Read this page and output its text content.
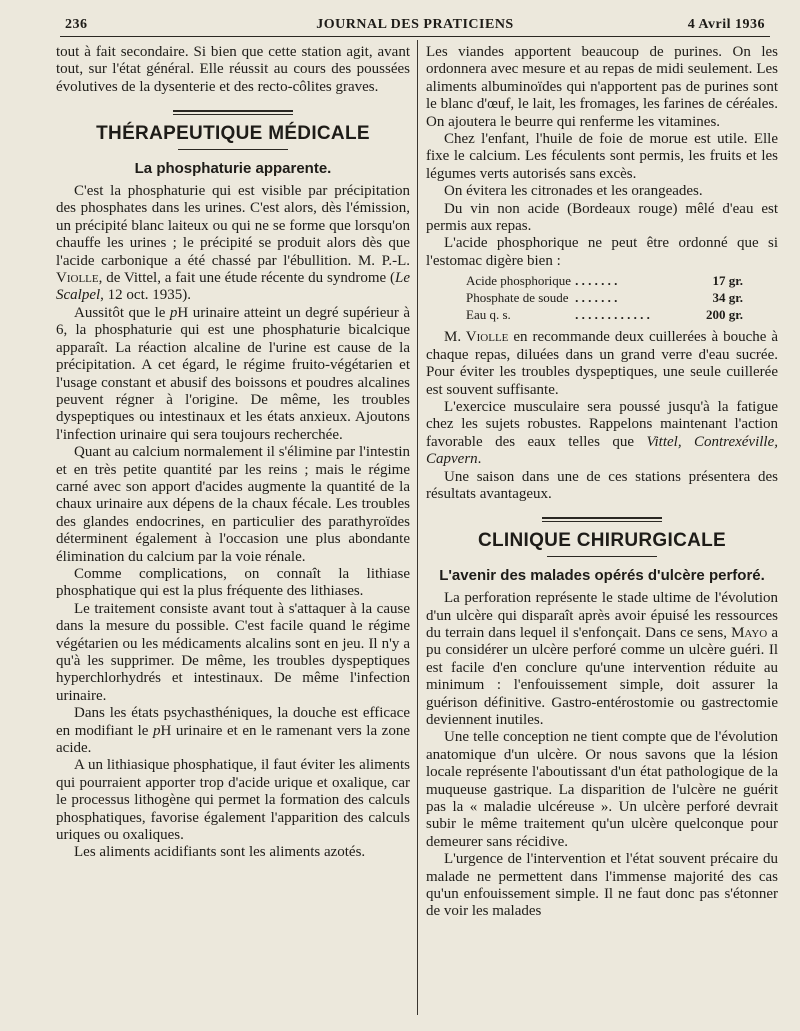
236	JOURNAL DES PRATICIENS	4 Avril 1936

tout à fait secondaire. Si bien que cette station agit, avant tout, sur l'état général. Elle réussit au cours des poussées évolutives de la dysenterie et des recto-côlites graves.

THÉRAPEUTIQUE MÉDICALE
La phosphaturie apparente.

C'est la phosphaturie qui est visible par précipitation des phosphates dans les urines. C'est alors, dès l'émission, un précipité blanc laiteux ou qui ne se forme que lorsqu'on chauffe les urines ; le précipité se produit alors dès que l'acide carbonique a été chassé par l'ébullition. M. P.-L. Violle, de Vittel, a fait une étude récente du syndrome (Le Scalpel, 12 oct. 1935).

Aussitôt que le pH urinaire atteint un degré supérieur à 6, la phosphaturie qui est une phosphaturie bicalcique apparaît. La réaction alcaline de l'urine est cause de la précipitation. A cet égard, le régime fruito-végétarien et l'usage constant et abusif des boissons et poudres alcalines peuvent régner à l'origine. De même, les troubles dyspeptiques ou intestinaux et les états anxieux. Ajoutons l'infection urinaire qui sera toujours recherchée.

Quant au calcium normalement il s'élimine par l'intestin et en très petite quantité par les reins ; mais le régime carné avec son apport d'acides augmente la quantité de la chaux urinaire aux dépens de la chaux fécale. Les troubles des glandes endocrines, en particulier des parathyroïdes déterminent également à l'occasion une plus abondante élimination du calcium par la voie rénale.

Comme complications, on connaît la lithiase phosphatique qui est la plus fréquente des lithiases.

Le traitement consiste avant tout à s'attaquer à la cause dans la mesure du possible. C'est facile quand le régime végétarien ou les médicaments alcalins sont en jeu. Il n'y a qu'à les supprimer. De même, les troubles dyspeptiques hyperchlorhydrés et intestinaux. De même l'infection urinaire.

Dans les états psychasthéniques, la douche est efficace en modifiant le pH urinaire et en le ramenant vers la zone acide.

A un lithiasique phosphatique, il faut éviter les aliments qui pourraient apporter trop d'acide urique et oxalique, car le processus lithogène qui permet la formation des calculs phosphatiques, favorise également l'apparition des calculs uriques ou oxaliques.

Les aliments acidifiants sont les aliments azotés.

Les viandes apportent beaucoup de purines. On les ordonnera avec mesure et au repas de midi seulement. Les aliments albuminoïdes qui n'apportent pas de purines sont le blanc d'œuf, le lait, les fromages, les farines de céréales. On ajoutera le beurre qui renferme les vitamines.

Chez l'enfant, l'huile de foie de morue est utile. Elle fixe le calcium. Les féculents sont permis, les fruits et les légumes verts autorisés sans excès.

On évitera les citronades et les orangeades.

Du vin non acide (Bordeaux rouge) mêlé d'eau est permis aux repas.

L'acide phosphorique ne peut être ordonné que si l'estomac digère bien :

Acide phosphorique	. . . . . . .	17 gr.
Phosphate de soude	. . . . . . .	34 gr.
Eau q. s.	. . . . . . . . . . . .	200 gr.

M. Violle en recommande deux cuillerées à bouche à chaque repas, diluées dans un grand verre d'eau sucrée. Pour éviter les troubles dyspeptiques, une seule cuillerée est souvent suffisante.

L'exercice musculaire sera poussé jusqu'à la fatigue chez les sujets robustes. Rappelons maintenant l'action favorable des eaux telles que Vittel, Contrexéville, Capvern.

Une saison dans une de ces stations présentera des résultats avantageux.

CLINIQUE CHIRURGICALE
L'avenir des malades opérés d'ulcère perforé.

La perforation représente le stade ultime de l'évolution d'un ulcère qui disparaît après avoir épuisé les ressources du terrain dans lequel il s'enfonçait. Dans ce sens, Mayo a pu considérer un ulcère perforé comme un ulcère guéri. Il est facile d'en conclure qu'une intervention réduite au minimum : l'enfouissement simple, doit assurer la guérison définitive. Gastro-entérostomie ou gastrectomie deviennent inutiles.

Une telle conception ne tient compte que de l'évolution anatomique d'un ulcère. Or nous savons que la lésion locale représente l'aboutissant d'un état pathologique de la muqueuse gastrique. La disparition de l'ulcère ne guérit pas la « maladie ulcéreuse ». Un ulcère perforé devrait subir le même traitement qu'un ulcère quelconque pour demeurer sans récidive.

L'urgence de l'intervention et l'état souvent précaire du malade ne permettent dans l'immense majorité des cas qu'un enfouissement simple. Il ne faut donc pas s'étonner de voir les malades
